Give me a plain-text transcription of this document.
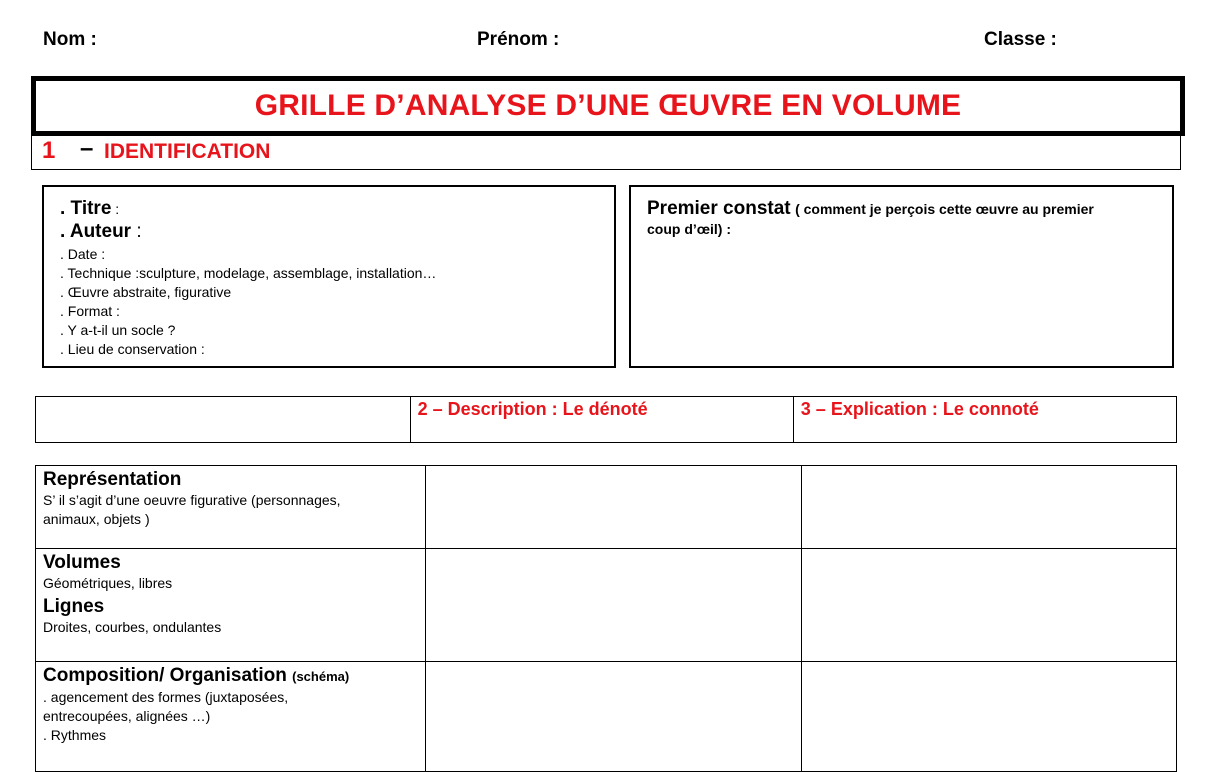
Nom :	Prénom :	Classe :
GRILLE D’ANALYSE D’UNE ŒUVRE EN VOLUME
1 – IDENTIFICATION
. Titre :
. Auteur :
. Date :
. Technique :sculpture, modelage, assemblage, installation…
. Œuvre abstraite, figurative
. Format :
. Y a-t-il un socle ?
. Lieu de conservation :
Premier constat ( comment je perçois cette œuvre au premier
coup d’œil) :
	2 – Description : Le dénoté	3 – Explication : Le connoté
Représentation
S’ il s’agit d’une oeuvre figurative (personnages,
animaux, objets )		

Volumes
Géométriques, libres
Lignes
Droites, courbes, ondulantes		

Composition/ Organisation (schéma)
. agencement des formes (juxtaposées,
entrecoupées, alignées …)
. Rythmes		
